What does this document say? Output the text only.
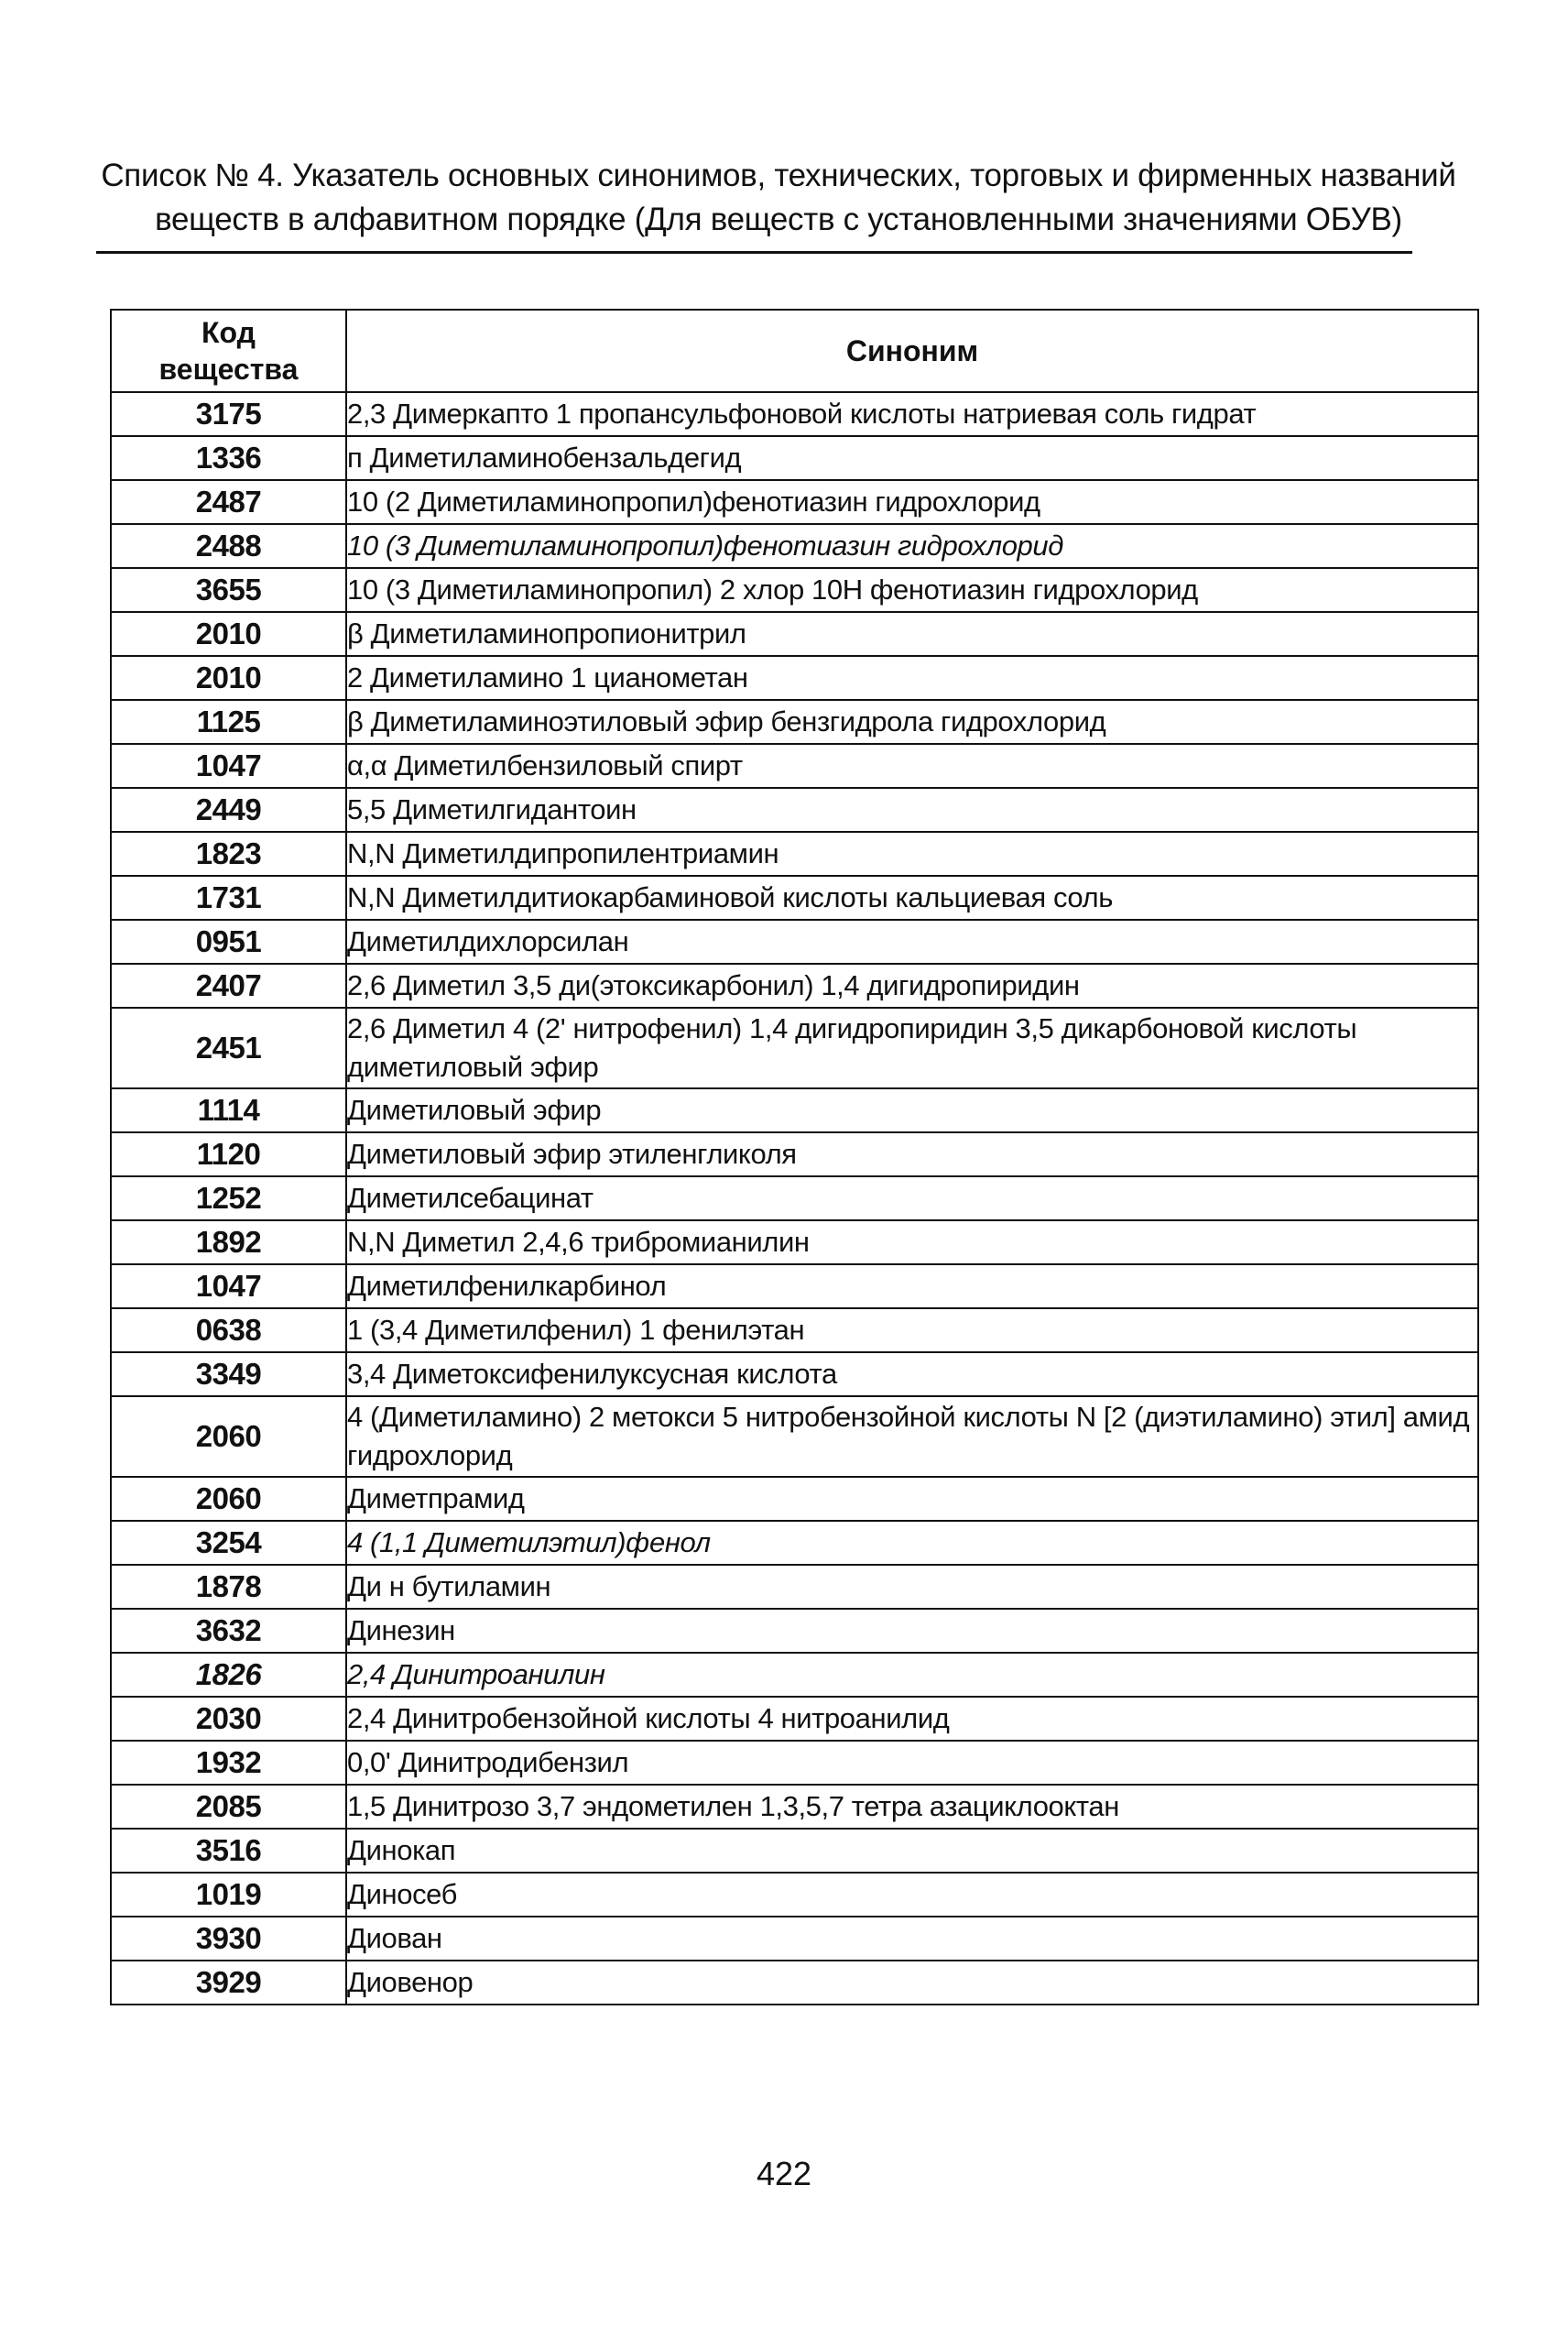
Список № 4. Указатель основных синонимов, технических, торговых и фирменных названий
веществ в алфавитном порядке (Для веществ с установленными значениями ОБУВ)
Код
вещества	Синоним
3175	2,3 Димеркапто 1 пропансульфоновой кислоты натриевая соль гидрат
1336	п Диметиламинобензальдегид
2487	10 (2 Диметиламинопропил)фенотиазин гидрохлорид
2488	10 (3 Диметиламинопропил)фенотиазин гидрохлорид
3655	10 (3 Диметиламинопропил) 2 хлор 10Н фенотиазин гидрохлорид
2010	β Диметиламинопропионитрил
2010	2 Диметиламино 1 цианометан
1125	β Диметиламиноэтиловый эфир бензгидрола гидрохлорид
1047	α,α Диметилбензиловый спирт
2449	5,5 Диметилгидантоин
1823	N,N Диметилдипропилентриамин
1731	N,N Диметилдитиокарбаминовой кислоты кальциевая соль
0951	Диметилдихлорсилан
2407	2,6 Диметил 3,5 ди(этоксикарбонил) 1,4 дигидропиридин
2451	2,6 Диметил 4 (2' нитрофенил) 1,4 дигидропиридин 3,5 дикарбоновой кислоты диметиловый эфир
1114	Диметиловый эфир
1120	Диметиловый эфир этиленгликоля
1252	Диметилсебацинат
1892	N,N Диметил 2,4,6 трибромианилин
1047	Диметилфенилкарбинол
0638	1 (3,4 Диметилфенил) 1 фенилэтан
3349	3,4 Диметоксифенилуксусная кислота
2060	4 (Диметиламино) 2 метокси 5 нитробензойной кислоты N [2 (диэтиламино) этил] амид гидрохлорид
2060	Диметпрамид
3254	4 (1,1 Диметилэтил)фенол
1878	Ди н бутиламин
3632	Динезин
1826	2,4 Динитроанилин
2030	2,4 Динитробензойной кислоты 4 нитроанилид
1932	0,0' Динитродибензил
2085	1,5 Динитрозо 3,7 эндометилен 1,3,5,7 тетра азациклооктан
3516	Динокап
1019	Диносеб
3930	Диован
3929	Диовенор
422
